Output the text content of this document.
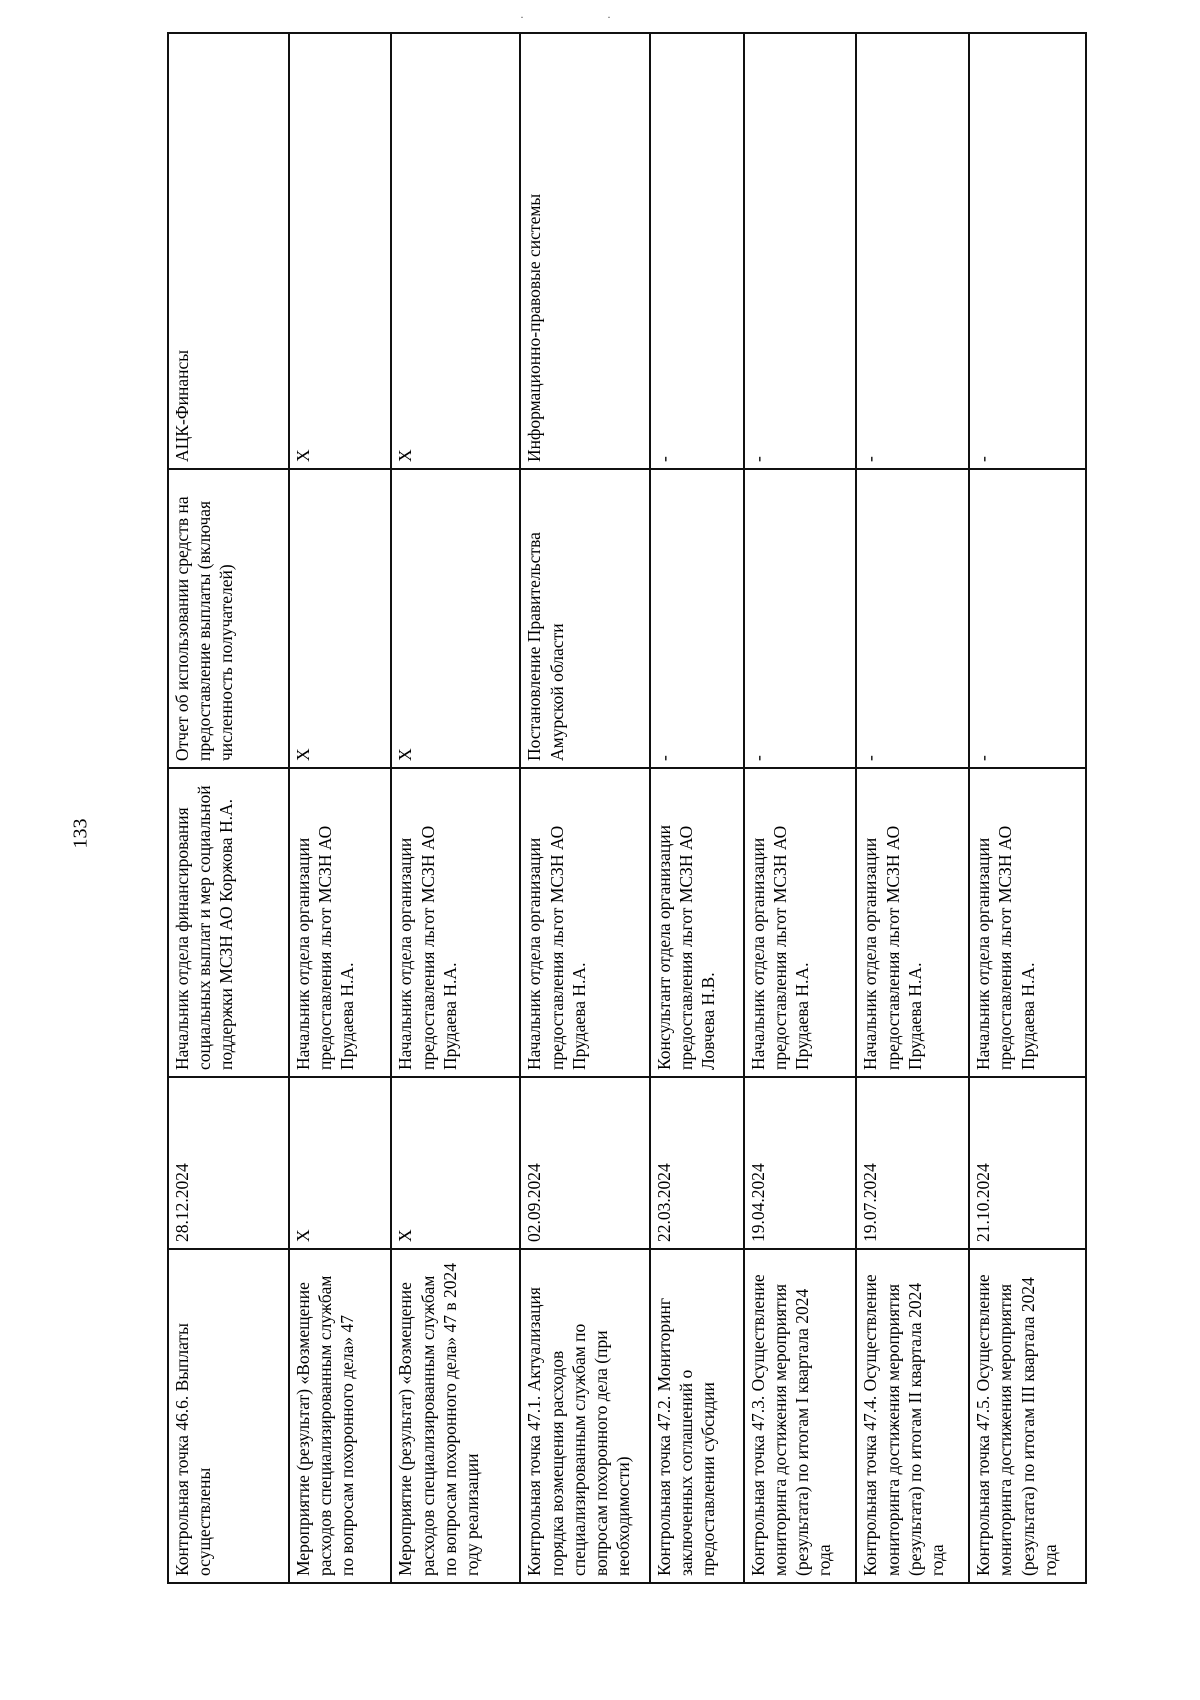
· ·
133
Контрольная точка 46.6. Выплаты осуществлены	28.12.2024	Начальник отдела финансирования социальных выплат и мер социальной поддержки МСЗН АО Коржова Н.А.	Отчет об использовании средств на предоставление выплаты (включая численность получателей)	АЦК-Финансы
Мероприятие (результат) «Возмещение расходов специализированным службам по вопросам похоронного дела» 47	X	Начальник отдела организации предоставления льгот МСЗН АО Прудаева Н.А.	X	X
Мероприятие (результат) «Возмещение расходов специализированным службам по вопросам похоронного дела» 47 в 2024 году реализации	X	Начальник отдела организации предоставления льгот МСЗН АО Прудаева Н.А.	X	X
Контрольная точка 47.1. Актуализация порядка возмещения расходов специализированным службам по вопросам похоронного дела (при необходимости)	02.09.2024	Начальник отдела организации предоставления льгот МСЗН АО Прудаева Н.А.	Постановление Правительства Амурской области	Информационно-правовые системы
Контрольная точка 47.2. Мониторинг заключенных соглашений о предоставлении субсидии	22.03.2024	Консультант отдела организации предоставления льгот МСЗН АО Ловчева Н.В.	-	-
Контрольная точка 47.3. Осуществление мониторинга достижения мероприятия (результата) по итогам I квартала 2024 года	19.04.2024	Начальник отдела организации предоставления льгот МСЗН АО Прудаева Н.А.	-	-
Контрольная точка 47.4. Осуществление мониторинга достижения мероприятия (результата) по итогам II квартала 2024 года	19.07.2024	Начальник отдела организации предоставления льгот МСЗН АО Прудаева Н.А.	-	-
Контрольная точка 47.5. Осуществление мониторинга достижения мероприятия (результата) по итогам III квартала 2024 года	21.10.2024	Начальник отдела организации предоставления льгот МСЗН АО Прудаева Н.А.	-	-
